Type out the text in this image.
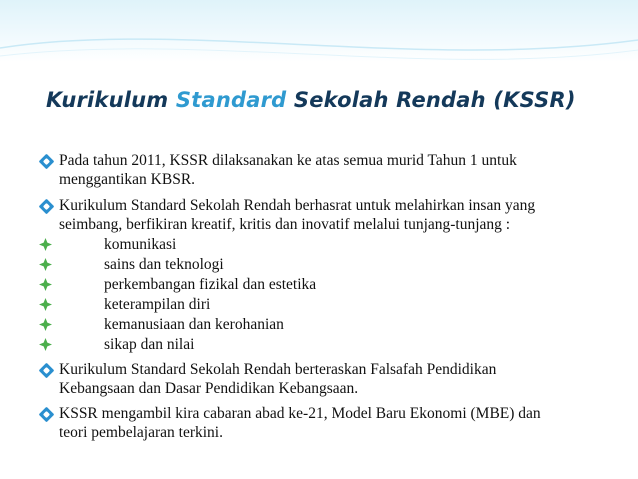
Kurikulum Standard Sekolah Rendah (KSSR)
Pada tahun 2011, KSSR dilaksanakan ke atas semua murid Tahun 1 untuk
menggantikan KBSR.
Kurikulum Standard Sekolah Rendah berhasrat untuk melahirkan insan yang
seimbang, berfikiran kreatif, kritis dan inovatif melalui tunjang-tunjang :
komunikasi
sains dan teknologi
perkembangan fizikal dan estetika
keterampilan diri
kemanusiaan dan kerohanian
sikap dan nilai
Kurikulum Standard Sekolah Rendah berteraskan Falsafah Pendidikan
Kebangsaan dan Dasar Pendidikan Kebangsaan.
KSSR mengambil kira cabaran abad ke-21, Model Baru Ekonomi (MBE) dan
teori pembelajaran terkini.
